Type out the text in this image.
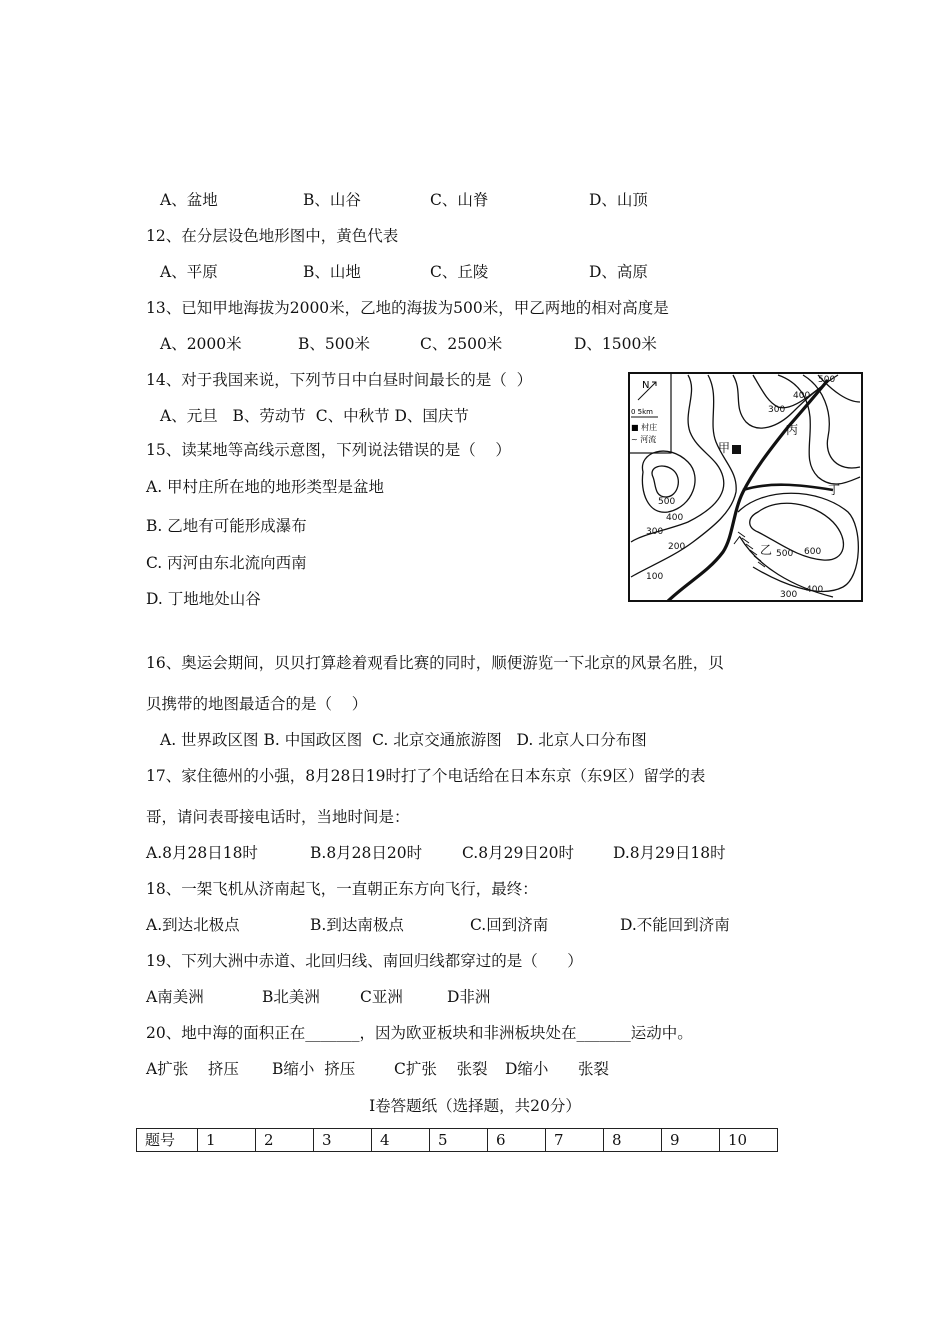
A、盆地	B、山谷	C、山脊	D、山顶
12、在分层设色地形图中，黄色代表
A、平原	B、山地	C、丘陵	D、高原
13、已知甲地海拔为2000米，乙地的海拔为500米，甲乙两地的相对高度是
A、2000米	B、500米	C、2500米	D、1500米
14、对于我国来说，下列节日中白昼时间最长的是（  ）
A、元旦   B、劳动节  C、中秋节 D、国庆节
15、读某地等高线示意图，下列说法错误的是（    ）
A. 甲村庄所在地的地形类型是盆地
B. 乙地有可能形成瀑布
C. 丙河由东北流向西南
D. 丁地地处山谷
N
0 5km
■ 村庄
~ 河流
甲
乙
丙
丁
500
400
300
500
400
300
200
100
500 600
400
300
16、奥运会期间，贝贝打算趁着观看比赛的同时，顺便游览一下北京的风景名胜，贝
贝携带的地图最适合的是（    ）
A. 世界政区图 B. 中国政区图  C. 北京交通旅游图   D. 北京人口分布图
17、家住德州的小强，8月28日19时打了个电话给在日本东京（东9区）留学的表
哥，请问表哥接电话时，当地时间是：
A.8月28日18时	B.8月28日20时	C.8月29日20时	D.8月29日18时
18、一架飞机从济南起飞，一直朝正东方向飞行，最终：
A.到达北极点	B.到达南极点	C.回到济南	D.不能回到济南
19、下列大洲中赤道、北回归线、南回归线都穿过的是（      ）
A南美洲	B北美洲	C亚洲	D非洲
20、地中海的面积正在_______，因为欧亚板块和非洲板块处在_______运动中。
A扩张    挤压 B缩小  挤压	C扩张    张裂 D缩小      张裂
I卷答题纸（选择题，共20分）
题号	1	2	3	4	5	6	7	8	9	10
